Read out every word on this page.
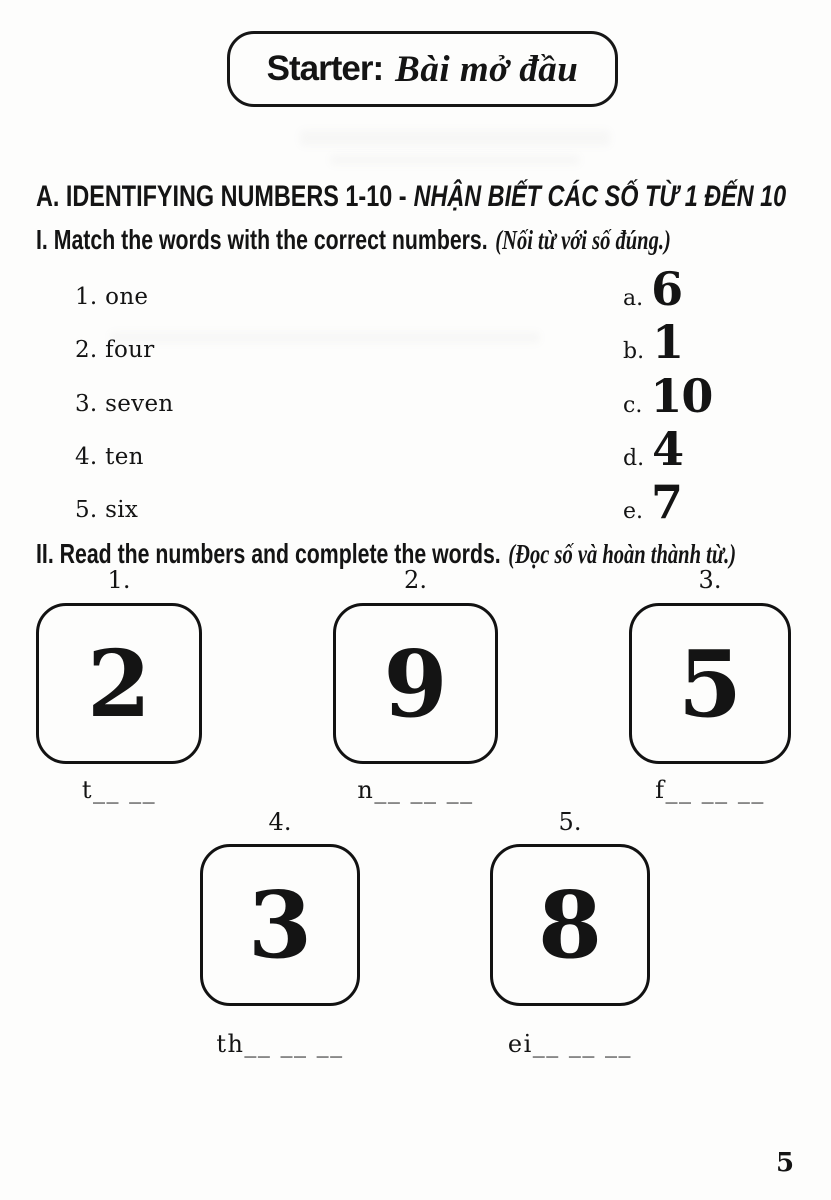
Starter: Bài mở đầu
A. IDENTIFYING NUMBERS 1-10 - NHẬN BIẾT CÁC SỐ TỪ 1 ĐẾN 10
I. Match the words with the correct numbers. (Nối từ với số đúng.)
1. one
2. four
3. seven
4. ten
5. six
a. 6
b. 1
c. 10
d. 4
e. 7
II. Read the numbers and complete the words. (Đọc số và hoàn thành từ.)
1.
2
t__ __
2.
9
n__ __ __
3.
5
f__ __ __
4.
3
th__ __ __
5.
8
ei__ __ __
5
